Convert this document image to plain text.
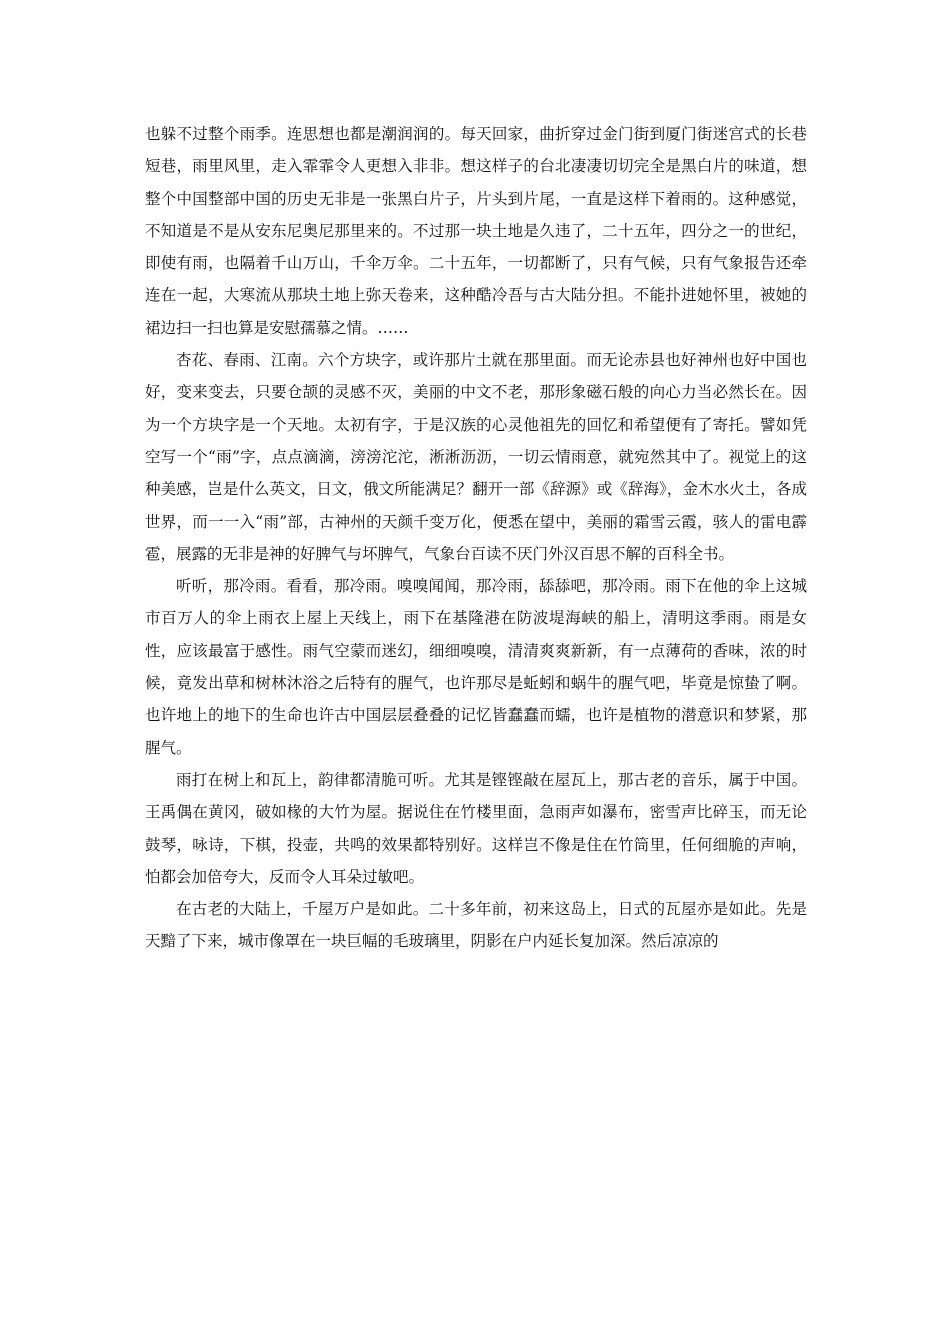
也躲不过整个雨季。连思想也都是潮润润的。每天回家，曲折穿过金门街到厦门街迷宫式的长巷短巷，雨里风里，走入霏霏令人更想入非非。想这样子的台北凄凄切切完全是黑白片的味道，想整个中国整部中国的历史无非是一张黑白片子，片头到片尾，一直是这样下着雨的。这种感觉，不知道是不是从安东尼奥尼那里来的。不过那一块土地是久违了，二十五年，四分之一的世纪，即使有雨，也隔着千山万山，千伞万伞。二十五年，一切都断了，只有气候，只有气象报告还牵连在一起，大寒流从那块土地上弥天卷来，这种酷冷吾与古大陆分担。不能扑进她怀里，被她的裙边扫一扫也算是安慰孺慕之情。……

杏花、春雨、江南。六个方块字，或许那片土就在那里面。而无论赤县也好神州也好中国也好，变来变去，只要仓颉的灵感不灭，美丽的中文不老，那形象磁石般的向心力当必然长在。因为一个方块字是一个天地。太初有字，于是汉族的心灵他祖先的回忆和希望便有了寄托。譬如凭空写一个“雨”字，点点滴滴，滂滂沱沱，淅淅沥沥，一切云情雨意，就宛然其中了。视觉上的这种美感，岂是什么英文，日文，俄文所能满足？翻开一部《辞源》或《辞海》，金木水火土，各成世界，而一一入“雨”部，古神州的天颜千变万化，便悉在望中，美丽的霜雪云霞，骇人的雷电霹雹，展露的无非是神的好脾气与坏脾气，气象台百读不厌门外汉百思不解的百科全书。

听听，那冷雨。看看，那冷雨。嗅嗅闻闻，那冷雨，舔舔吧，那冷雨。雨下在他的伞上这城市百万人的伞上雨衣上屋上天线上，雨下在基隆港在防波堤海峡的船上，清明这季雨。雨是女性，应该最富于感性。雨气空蒙而迷幻，细细嗅嗅，清清爽爽新新，有一点薄荷的香味，浓的时候，竟发出草和树林沐浴之后特有的腥气，也许那尽是蚯蚓和蜗牛的腥气吧，毕竟是惊蛰了啊。也许地上的地下的生命也许古中国层层叠叠的记忆皆蠢蠢而蠕，也许是植物的潜意识和梦紧，那腥气。

雨打在树上和瓦上，韵律都清脆可听。尤其是铿铿敲在屋瓦上，那古老的音乐，属于中国。王禹偶在黄冈，破如椽的大竹为屋。据说住在竹楼里面，急雨声如瀑布，密雪声比碎玉，而无论鼓琴，咏诗，下棋，投壶，共鸣的效果都特别好。这样岂不像是住在竹筒里，任何细脆的声响，怕都会加倍夸大，反而令人耳朵过敏吧。

在古老的大陆上，千屋万户是如此。二十多年前，初来这岛上，日式的瓦屋亦是如此。先是天黯了下来，城市像罩在一块巨幅的毛玻璃里，阴影在户内延长复加深。然后凉凉的
